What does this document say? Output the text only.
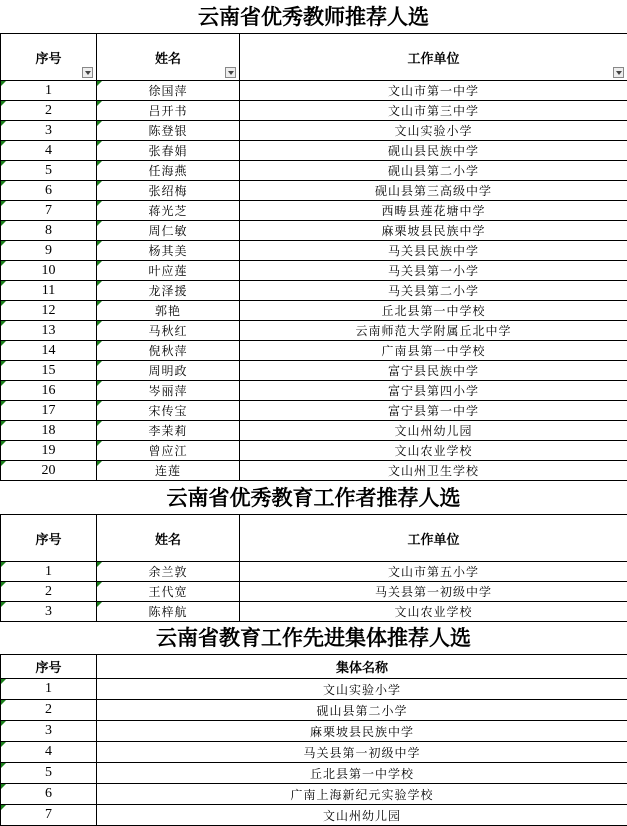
云南省优秀教师推荐人选
序号	姓名	工作单位

1	徐国萍	文山市第一中学
2	吕开书	文山市第三中学
3	陈登银	文山实验小学
4	张春娟	砚山县民族中学
5	任海燕	砚山县第二小学
6	张绍梅	砚山县第三高级中学
7	蒋光芝	西畴县莲花塘中学
8	周仁敏	麻栗坡县民族中学
9	杨其美	马关县民族中学
10	叶应莲	马关县第一小学
11	龙泽援	马关县第二小学
12	郭艳	丘北县第一中学校
13	马秋红	云南师范大学附属丘北中学
14	倪秋萍	广南县第一中学校
15	周明政	富宁县民族中学
16	岑丽萍	富宁县第四小学
17	宋传宝	富宁县第一中学
18	李茉莉	文山州幼儿园
19	曾应江	文山农业学校
20	连莲	文山州卫生学校
云南省优秀教育工作者推荐人选
序号	姓名	工作单位
1	余兰敦	文山市第五小学
2	王代宽	马关县第一初级中学
3	陈梓航	文山农业学校
云南省教育工作先进集体推荐人选
序号	集体名称
1	文山实验小学
2	砚山县第二小学
3	麻栗坡县民族中学
4	马关县第一初级中学
5	丘北县第一中学校
6	广南上海新纪元实验学校
7	文山州幼儿园
